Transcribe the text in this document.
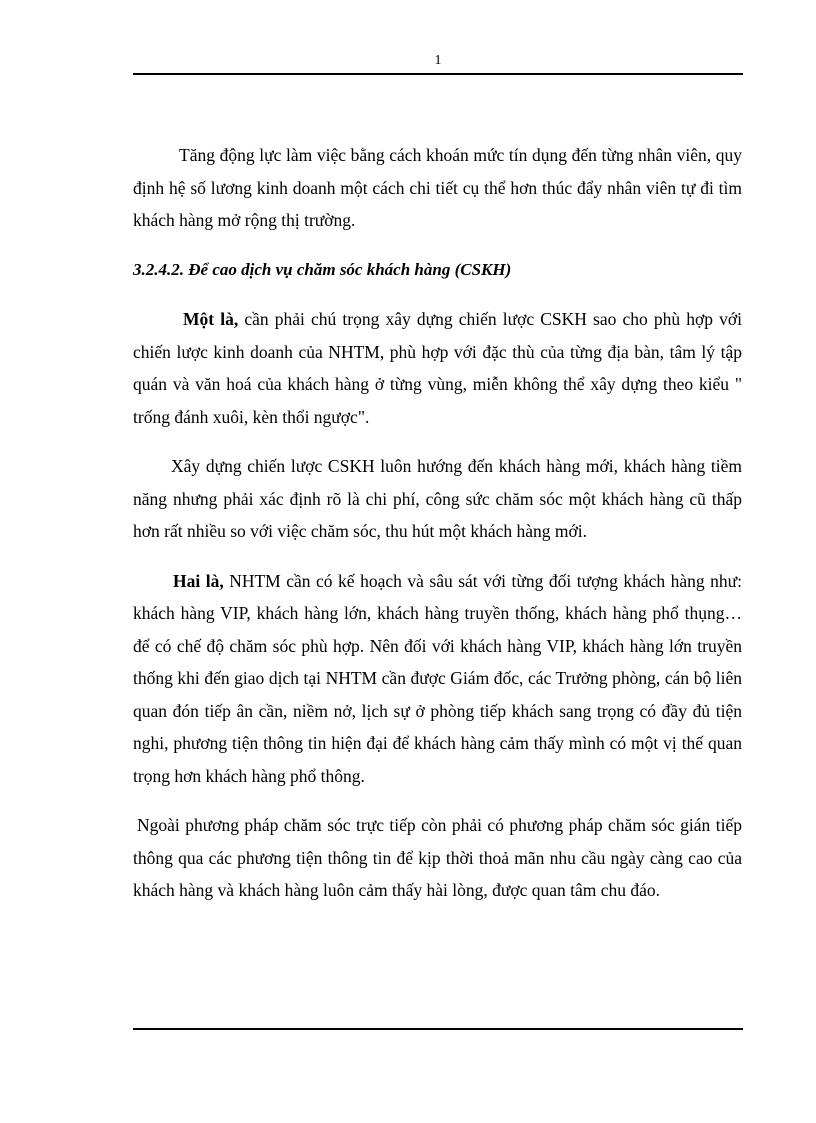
1

Tăng động lực làm việc bằng cách khoán mức tín dụng đến từng nhân viên, quy định hệ số lương kinh doanh một cách chi tiết cụ thể hơn thúc đẩy nhân viên tự đi tìm khách hàng mở rộng thị trường.

3.2.4.2. Để cao dịch vụ chăm sóc khách hàng (CSKH)

Một là, cần phải chú trọng xây dựng chiến lược CSKH sao cho phù hợp với chiến lược kinh doanh của NHTM, phù hợp với đặc thù của từng địa bàn, tâm lý tập quán và văn hoá của khách hàng ở từng vùng, miễn không thể xây dựng theo kiểu " trống đánh xuôi, kèn thổi ngược".

Xây dựng chiến lược CSKH luôn hướng đến khách hàng mới, khách hàng tiềm năng nhưng phải xác định rõ là chi phí, công sức chăm sóc một khách hàng cũ thấp hơn rất nhiều so với việc chăm sóc, thu hút một khách hàng mới.

Hai là, NHTM cần có kế hoạch và sâu sát với từng đối tượng khách hàng như: khách hàng VIP, khách hàng lớn, khách hàng truyền thống, khách hàng phổ thụng… để có chế độ chăm sóc phù hợp. Nên đối với khách hàng VIP, khách hàng lớn truyền thống khi đến giao dịch tại NHTM cần được Giám đốc, các Trưởng phòng, cán bộ liên quan đón tiếp ân cần, niềm nở, lịch sự ở phòng tiếp khách sang trọng có đầy đủ tiện nghi, phương tiện thông tin hiện đại để khách hàng cảm thấy mình có một vị thế quan trọng hơn khách hàng phổ thông.

Ngoài phương pháp chăm sóc trực tiếp còn phải có phương pháp chăm sóc gián tiếp thông qua các phương tiện thông tin để kịp thời thoả mãn nhu cầu ngày càng cao của khách hàng và khách hàng luôn cảm thấy hài lòng, được quan tâm chu đáo.
